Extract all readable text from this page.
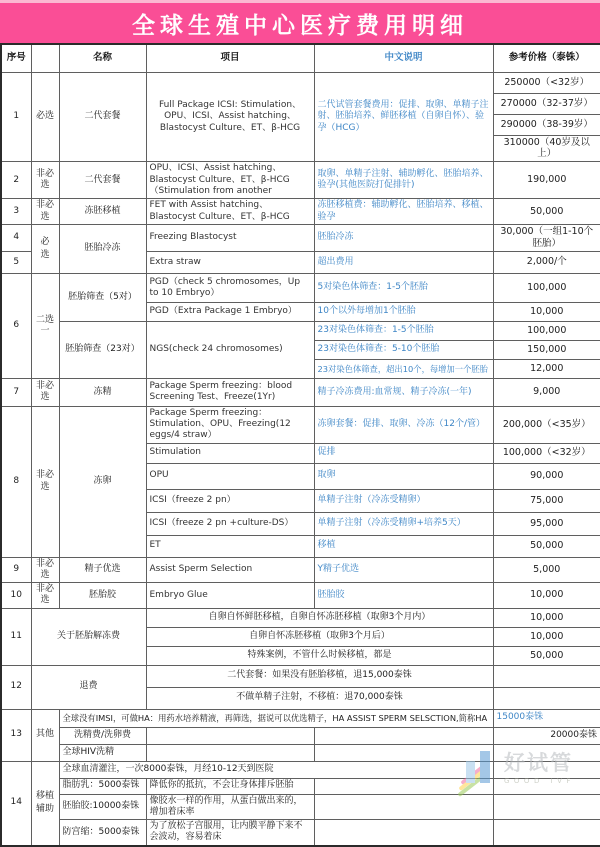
全球生殖中心医疗费用明细
序号		名称	项目	中文说明	参考价格（泰铢）
1	必选	二代套餐	Full Package ICSI: Stimulation、OPU、ICSI、Assist hatching、Blastocyst Culture、ET、β-HCG	二代试管套餐费用：促排、取卵、单精子注射、胚胎培养、鲜胚移植（自卵自怀）、验孕（HCG）	250000（<32岁）
					270000（32-37岁）
					290000（38-39岁）
					310000（40岁及以上）
2	非必选	二代套餐	OPU、ICSI、Assist hatching、Blastocyst Culture、ET、β-HCG（Stimulation from another	取卵、单精子注射、辅助孵化、胚胎培养、验孕(其他医院打促排针)	190,000
3	非必选	冻胚移植	FET with Assist hatching、Blastocyst Culture、ET、β-HCG	冻胚移植费：辅助孵化、胚胎培养、移植、验孕	50,000
4	必选	胚胎冷冻	Freezing Blastocyst	胚胎冷冻	30,000（一组1-10个胚胎）
5			Extra straw	超出费用	2,000/个
6	二选一	胚胎筛查（5对）	PGD（check 5 chromosomes，Up to 10 Embryo）	5对染色体筛查：1-5个胚胎	100,000
			PGD（Extra Package 1 Embryo）	10个以外每增加1个胚胎	10,000
		胚胎筛查（23对）	NGS(check 24 chromosomes)	23对染色体筛查：1-5个胚胎	100,000
				23对染色体筛查：5-10个胚胎	150,000
				23对染色体筛查，超出10个，每增加一个胚胎	12,000
7	非必选	冻精	Package Sperm freezing：blood Screening Test、Freeze(1Yr)	精子冷冻费用:血常规、精子冷冻(一年)	9,000
8	非必选	冻卵	Package Sperm freezing：Stimulation、OPU、Freezing(12 eggs/4 straw）	冻卵套餐：促排、取卵、冷冻（12个/管）	200,000（<35岁）
			Stimulation	促排	100,000（<32岁）
			OPU	取卵	90,000
			ICSI（freeze 2 pn）	单精子注射（冷冻受精卵）	75,000
			ICSI（freeze 2 pn +culture-DS）	单精子注射（冷冻受精卵+培养5天）	95,000
			ET	移植	50,000
9	非必选	精子优选	Assist Sperm Selection	Y精子优选	5,000
10	非必选	胚胎胶	Embryo Glue	胚胎胶	10,000
11	关于胚胎解冻费		自卵自怀鲜胚移植，自卵自怀冻胚移植（取卵3个月内）		10,000
			自卵自怀冻胚移植（取卵3个月后）		10,000
			特殊案例，不管什么时候移植，都是		50,000
12	退费		二代套餐：如果没有胚胎移植，退15,000泰铢		
			不做单精子注射，不移植：退70,000泰铢		
13	其他	全球没有IMSI，可做HA：用药水培养精液，再筛选，据说可以优选精子，HA ASSIST SPERM SELSCTION,简称HA			15000泰铢
		洗精费/洗卵费			20000泰铢
		全球HIV洗精			
14	移植辅助	全球血清灌注，一次8000泰铢，月经10-12天到医院			
		脂肪乳：5000泰铢	降低你的抵抗，不会让身体排斥胚胎		
		胚胎胶:10000泰铢	像胶水一样的作用，从蛋白做出来的，增加着床率		
		防宫缩：5000泰铢	为了放松子宫服用，让内膜平静下来不会波动，容易着床		
好试管
GOOD IVF
